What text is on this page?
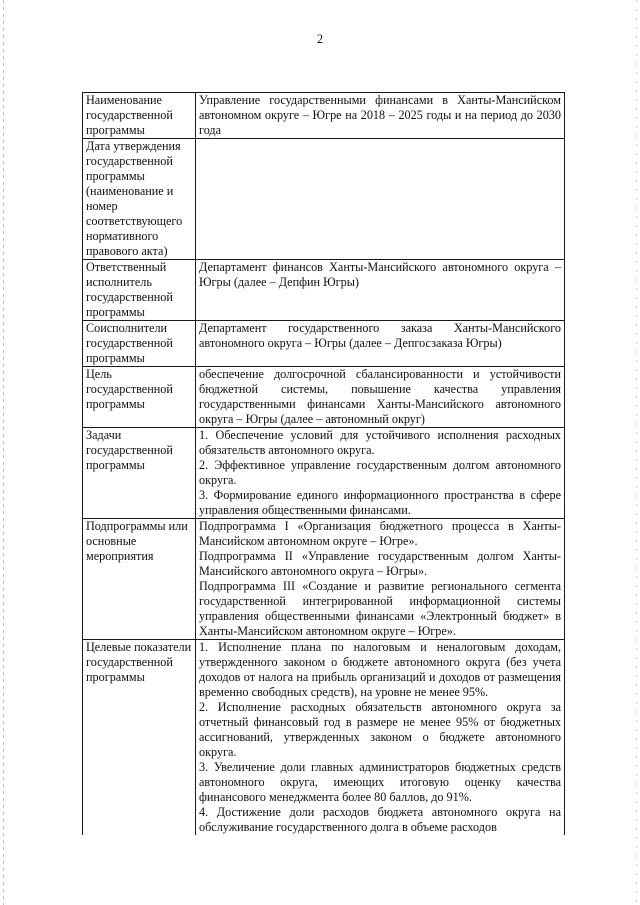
2
Наименование государственной программы	Управление государственными финансами в Ханты-Мансийском автономном округе – Югре на 2018 – 2025 годы и на период до 2030 года

Дата утверждения государственной программы (наименование и номер соответствующего нормативного правового акта)	
Ответственный исполнитель государственной программы	Департамент финансов Ханты-Мансийского автономного округа – Югры (далее – Депфин Югры)

Соисполнители государственной программы	Департамент государственного заказа Ханты-Мансийского автономного округа – Югры (далее – Депгосзаказа Югры)

Цель государственной программы	обеспечение долгосрочной сбалансированности и устойчивости бюджетной системы, повышение качества управления государственными финансами Ханты-Мансийского автономного округа – Югры (далее – автономный округ)

Задачи государственной программы	1. Обеспечение условий для устойчивого исполнения расходных обязательств автономного округа.
2. Эффективное управление государственным долгом автономного округа.
3. Формирование единого информационного пространства в сфере управления общественными финансами.

Подпрограммы или основные мероприятия	Подпрограмма I «Организация бюджетного процесса в Ханты-Мансийском автономном округе – Югре».
Подпрограмма II «Управление государственным долгом Ханты-Мансийского автономного округа – Югры».
Подпрограмма III «Создание и развитие регионального сегмента государственной интегрированной информационной системы управления общественными финансами «Электронный бюджет» в Ханты-Мансийском автономном округе – Югре».

Целевые показатели государственной программы	1. Исполнение плана по налоговым и неналоговым доходам, утвержденного законом о бюджете автономного округа (без учета доходов от налога на прибыль организаций и доходов от размещения временно свободных средств), на уровне не менее 95%.
2. Исполнение расходных обязательств автономного округа за отчетный финансовый год в размере не менее 95% от бюджетных ассигнований, утвержденных законом о бюджете автономного округа.
3. Увеличение доли главных администраторов бюджетных средств автономного округа, имеющих итоговую оценку качества финансового менеджмента более 80 баллов, до 91%.
4. Достижение доли расходов бюджета автономного округа на обслуживание государственного долга в объеме расходов
